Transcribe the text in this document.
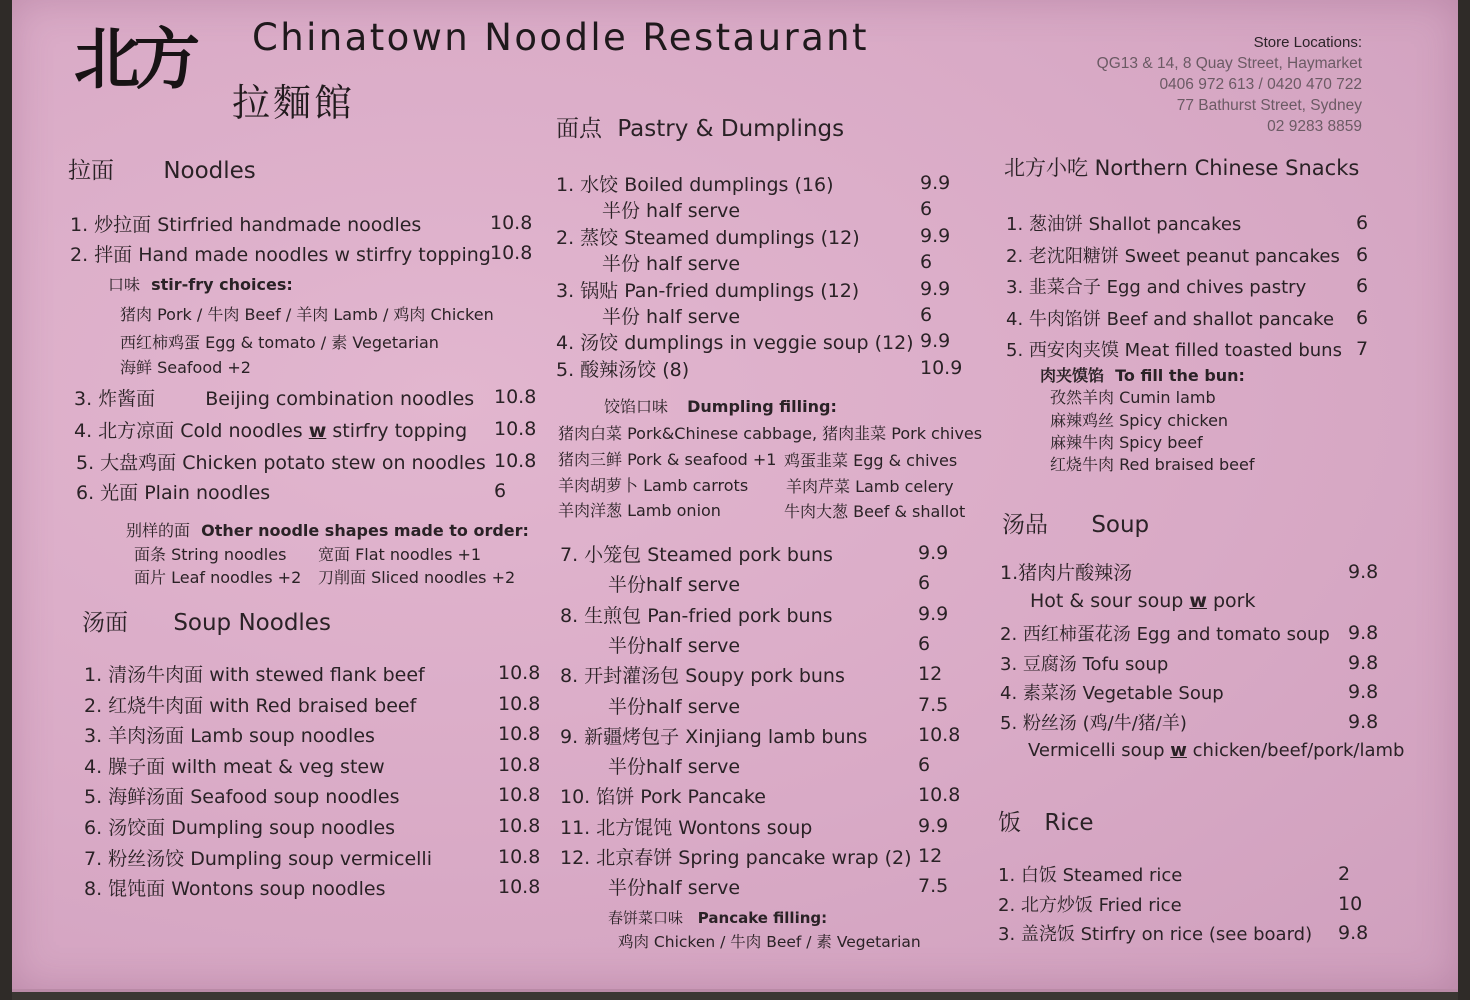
北方
拉麵館
Chinatown Noodle Restaurant	Store Locations:
QG13 & 14, 8 Quay Street, Haymarket
0406 972 613 / 0420 470 722
77 Bathurst Street, Sydney
02 9283 8859
拉面 Noodles
1. 炒拉面 Stirfried handmade noodles	10.8
2. 拌面 Hand made noodles w stirfry topping 10.8
口味 stir-fry choices:
猪肉 Pork / 牛肉 Beef / 羊肉 Lamb / 鸡肉 Chicken
西红柿鸡蛋 Egg & tomato / 素 Vegetarian
海鲜 Seafood +2
3. 炸酱面	Beijing combination noodles 10.8
4. 北方凉面 Cold noodles w stirfry topping 10.8
5. 大盘鸡面 Chicken potato stew on noodles 10.8
6. 光面 Plain noodles	6
别样的面 Other noodle shapes made to order:
面条 String noodles 宽面 Flat noodles +1
面片 Leaf noodles +2 刀削面 Sliced noodles +2
汤面 Soup Noodles
面点 Pastry & Dumplings
饺馅口味 Dumpling filling:
猪肉白菜 Pork&Chinese cabbage, 猪肉韭菜 Pork chives
猪肉三鲜 Pork & seafood +1 鸡蛋韭菜 Egg & chives
羊肉胡萝卜 Lamb carrots 羊肉芹菜 Lamb celery
羊肉洋葱 Lamb onion	牛肉大葱 Beef & shallot
春饼菜口味 Pancake filling:
鸡肉 Chicken / 牛肉 Beef / 素 Vegetarian
北方小吃 Northern Chinese Snacks
肉夹馍馅 To fill the bun:
孜然羊肉 Cumin lamb
麻辣鸡丝 Spicy chicken
麻辣牛肉 Spicy beef
红烧牛肉 Red braised beef
汤品 Soup
1.猪肉片酸辣汤	9.8
Hot & sour soup w pork
Vermicelli soup w chicken/beef/pork/lamb
饭 Rice
1. 清汤牛肉面 with stewed flank beef	10.8
2. 红烧牛肉面 with Red braised beef	10.8
3. 羊肉汤面 Lamb soup noodles	10.8
4. 臊子面 wilth meat & veg stew	10.8
5. 海鲜汤面 Seafood soup noodles	10.8
6. 汤饺面 Dumpling soup noodles	10.8
7. 粉丝汤饺 Dumpling soup vermicelli	10.8
8. 馄饨面 Wontons soup noodles	10.8
1. 水饺 Boiled dumplings (16)	9.9
半份 half serve	6
2. 蒸饺 Steamed dumplings (12)	9.9
半份 half serve	6
3. 锅贴 Pan-fried dumplings (12)	9.9
半份 half serve	6
4. 汤饺 dumplings in veggie soup (12) 9.9
5. 酸辣汤饺 (8)	10.9
7. 小笼包 Steamed pork buns	9.9
半份half serve	6
8. 生煎包 Pan-fried pork buns	9.9
半份half serve	6
8. 开封灌汤包 Soupy pork buns	12
半份half serve	7.5
9. 新疆烤包子 Xinjiang lamb buns	10.8
半份half serve	6
10. 馅饼 Pork Pancake	10.8
11. 北方馄饨 Wontons soup	9.9
12. 北京春饼 Spring pancake wrap (2) 12
半份half serve	7.5
1. 葱油饼 Shallot pancakes	6
2. 老沈阳糖饼 Sweet peanut pancakes 6
3. 韭菜合子 Egg and chives pastry	6
4. 牛肉馅饼 Beef and shallot pancake 6
5. 西安肉夹馍 Meat filled toasted buns 7
2. 西红柿蛋花汤 Egg and tomato soup 9.8
3. 豆腐汤 Tofu soup	9.8
4. 素菜汤 Vegetable Soup	9.8
5. 粉丝汤 (鸡/牛/猪/羊)	9.8
1. 白饭 Steamed rice	2
2. 北方炒饭 Fried rice	10
3. 盖浇饭 Stirfry on rice (see board) 9.8
